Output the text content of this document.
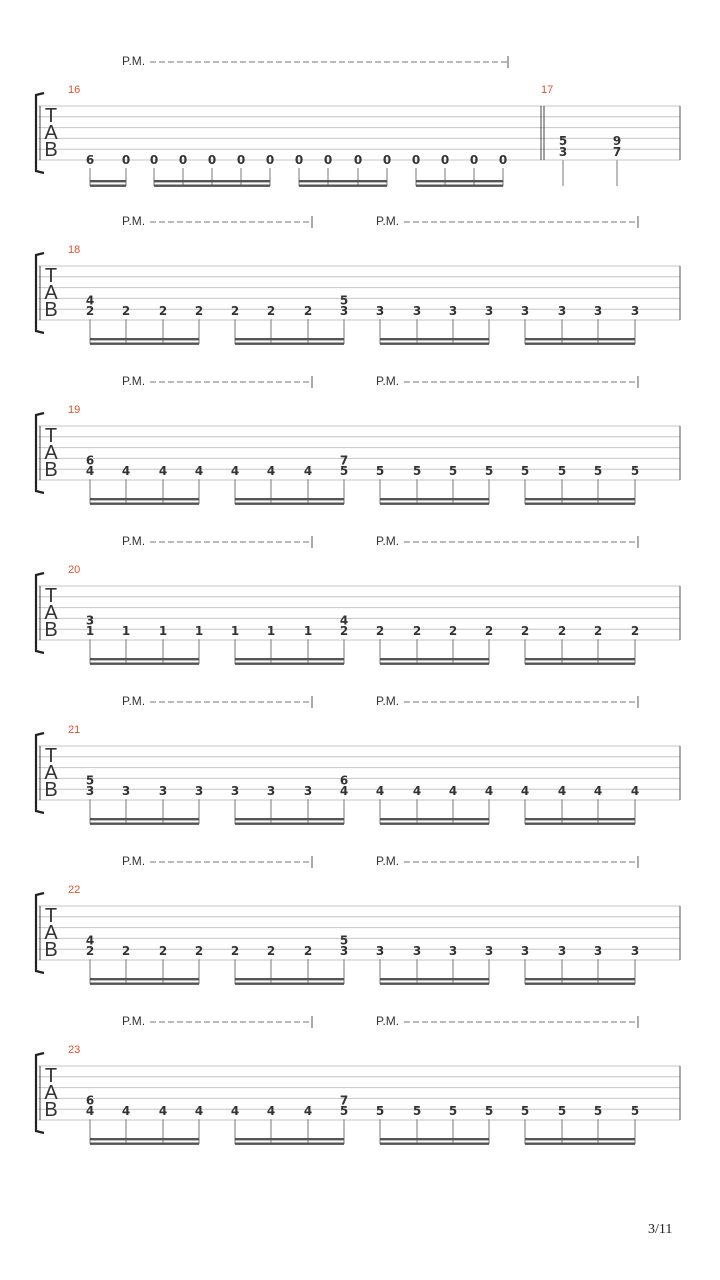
T
A
B
P.M.
16
6 0 0 0 0 0 0 0 0 0 0 0 0 0 0
17
5
3
9
7
T
A
B
P.M.	P.M.
18
4
2 2 2 2 2 2 2
5
3 3 3 3 3 3 3 3 3
T
A
B
P.M.	P.M.
19
6
4 4 4 4 4 4 4
7
5 5 5 5 5 5 5 5 5
T
A
B
P.M.	P.M.
20
3
1 1 1 1 1 1 1
4
2 2 2 2 2 2 2 2 2
T
A
B
P.M.	P.M.
21
5
3 3 3 3 3 3 3
6
4 4 4 4 4 4 4 4 4
T
A
B
P.M.	P.M.
22
4
2 2 2 2 2 2 2
5
3 3 3 3 3 3 3 3 3
T
A
B
P.M.	P.M.
23
6
4 4 4 4 4 4 4
7
5 5 5 5 5 5 5 5 5
3/11
